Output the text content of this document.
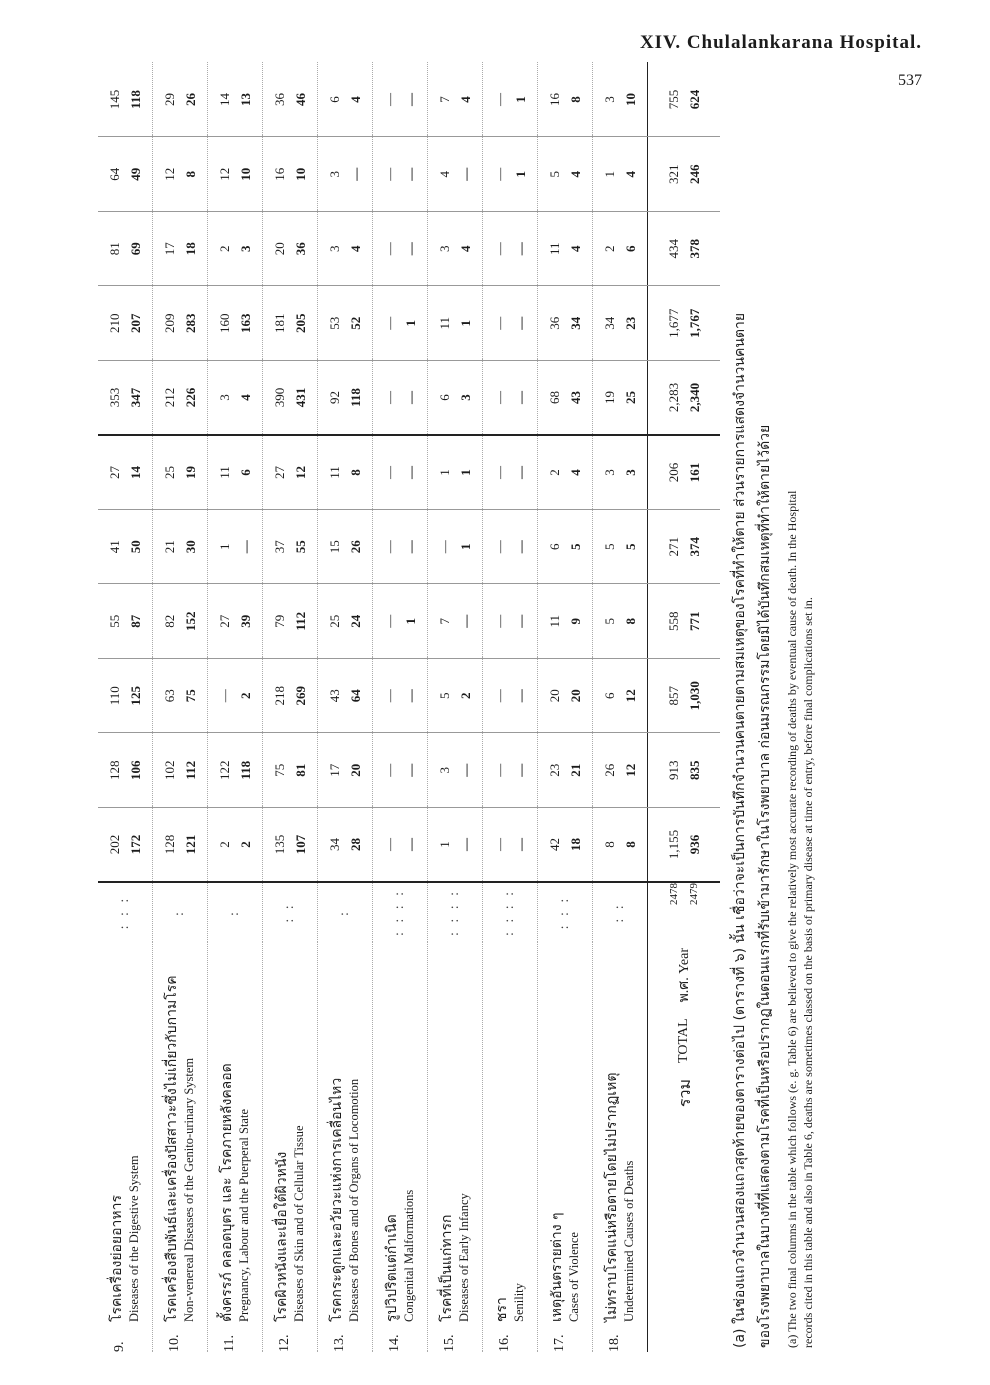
XIV. Chulalankarana Hospital.
537
9.
โรคเครื่องย่อยอาหาร Diseases of the Digestive System	: : :	202 172	128 106	110 125	55 87	41 50	27 14	353 347	210 207	81 69	64 49	145 118

10.
โรคเครื่องสืบพันธ์และเครื่องปัสสาวะซึ่งไม่เกี่ยวกับกามโรค Non-venereal Diseases of the Genito-urinary System	:	128 121	102 112	63 75	82 152	21 30	25 19	212 226	209 283	17 18	12 8	29 26

11.
ตั้งครรภ์ คลอดบุตร และ โรคภายหลังคลอด Pregnancy, Labour and the Puerperal State	:	2 2	122 118	— 2	27 39	1 —	11 6	3 4	160 163	2 3	12 10	14 13

12.
โรคผิวหนังและเยื่อใต้ผิวหนัง Diseases of Skin and of Cellular Tissue	: :	135 107	75 81	218 269	79 112	37 55	27 12	390 431	181 205	20 36	16 10	36 46

13.
โรคกระดูกและอวัยวะแห่งการเคลื่อนไหว Diseases of Bones and of Organs of Locomotion	:	34 28	17 20	43 64	25 24	15 26	11 8	92 118	53 52	3 4	3 —	6 4

14.
รูปวิปริตแต่กำเนิด Congenital Malformations	: : : :	— —	— —	— —	— 1	— —	— —	— —	— 1	— —	— —	— —

15.
โรคที่เป็นแก่ทารก Diseases of Early Infancy	: : : :	1 —	3 —	5 2	7 —	— 1	1 1	6 3	11 1	3 4	4 —	7 4

16.
ชรา Senility	: : : :	— —	— —	— —	— —	— —	— —	— —	— —	— —	— 1	— 1

17.
เหตุอันตรายต่าง ๆ Cases of Violence	: : :	42 18	23 21	20 20	11 9	6 5	2 4	68 43	36 34	11 4	5 4	16 8

18.
ไม่ทราบโรคแน่หรือตายโดยไม่ปรากฏเหตุ Undetermined Causes of Deaths	: :	8 8	26 12	6 12	5 8	5 5	3 3	19 25	34 23	2 6	1 4	3 10

รวม
TOTAL
พ.ศ. Year	2478 2479	1,155 936	913 835	857 1,030	558 771	271 374	206 161	2,283 2,340	1,677 1,767	434 378	321 246	755 624

(a) ในช่องแถวจำนวนสองแถวสุดท้ายของตารางต่อไป (ตารางที่ ๖) นั้น เชื่อว่าจะเป็นการบันทึกจำนวนคนตายตามสมเหตุของโรคที่ทำให้ตาย ส่วนรายการแสดงจำนวนคนตาย ของโรงพยาบาลในบางที่ที่แสดงตามโรคที่เป็นหรือปรากฏในตอนแรกที่รับเข้ามารักษาในโรงพยาบาล ก่อนมรณกรรมโดยมิได้บันทึกสมเหตุที่ทำให้ตายไว้ด้วย	(a) The two final columns in the table which follows (e. g. Table 6) are believed to give the relatively most accurate recording of deaths by eventual cause of death. In the Hospital records cited in this table and also in Table 6, deaths are sometimes classed on the basis of primary disease at time of entry, before final complications set in.
